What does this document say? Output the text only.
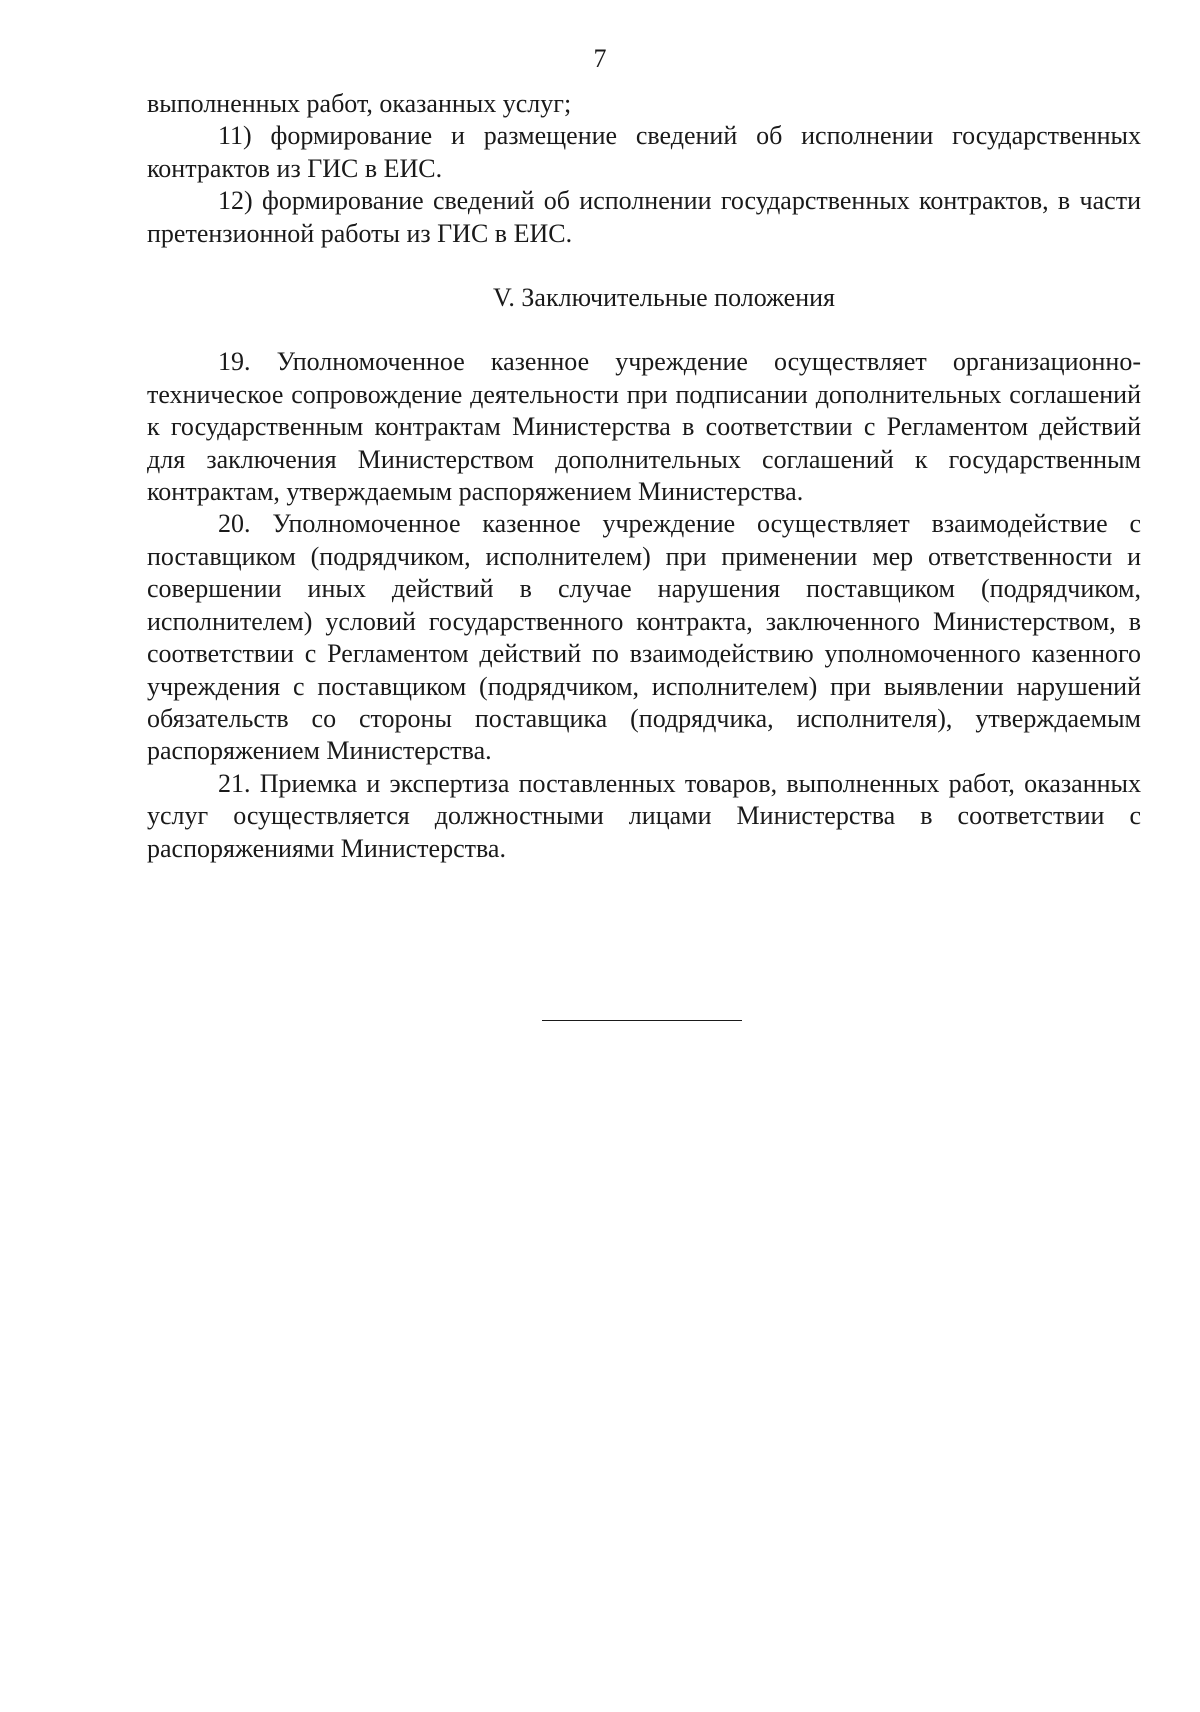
7

выполненных работ, оказанных услуг;

11) формирование и размещение сведений об исполнении государственных контрактов из ГИС в ЕИС.

12) формирование сведений об исполнении государственных контрактов, в части претензионной работы из ГИС в ЕИС.

V. Заключительные положения

19. Уполномоченное казенное учреждение осуществляет организационно-техническое сопровождение деятельности при подписании дополнительных соглашений к государственным контрактам Министерства в соответствии с Регламентом действий для заключения Министерством дополнительных соглашений к государственным контрактам, утверждаемым распоряжением Министерства.

20. Уполномоченное казенное учреждение осуществляет взаимодействие с поставщиком (подрядчиком, исполнителем) при применении мер ответственности и совершении иных действий в случае нарушения поставщиком (подрядчиком, исполнителем) условий государственного контракта, заключенного Министерством, в соответствии с Регламентом действий по взаимодействию уполномоченного казенного учреждения с поставщиком (подрядчиком, исполнителем) при выявлении нарушений обязательств со стороны поставщика (подрядчика, исполнителя), утверждаемым распоряжением Министерства.

21. Приемка и экспертиза поставленных товаров, выполненных работ, оказанных услуг осуществляется должностными лицами Министерства в соответствии с распоряжениями Министерства.
